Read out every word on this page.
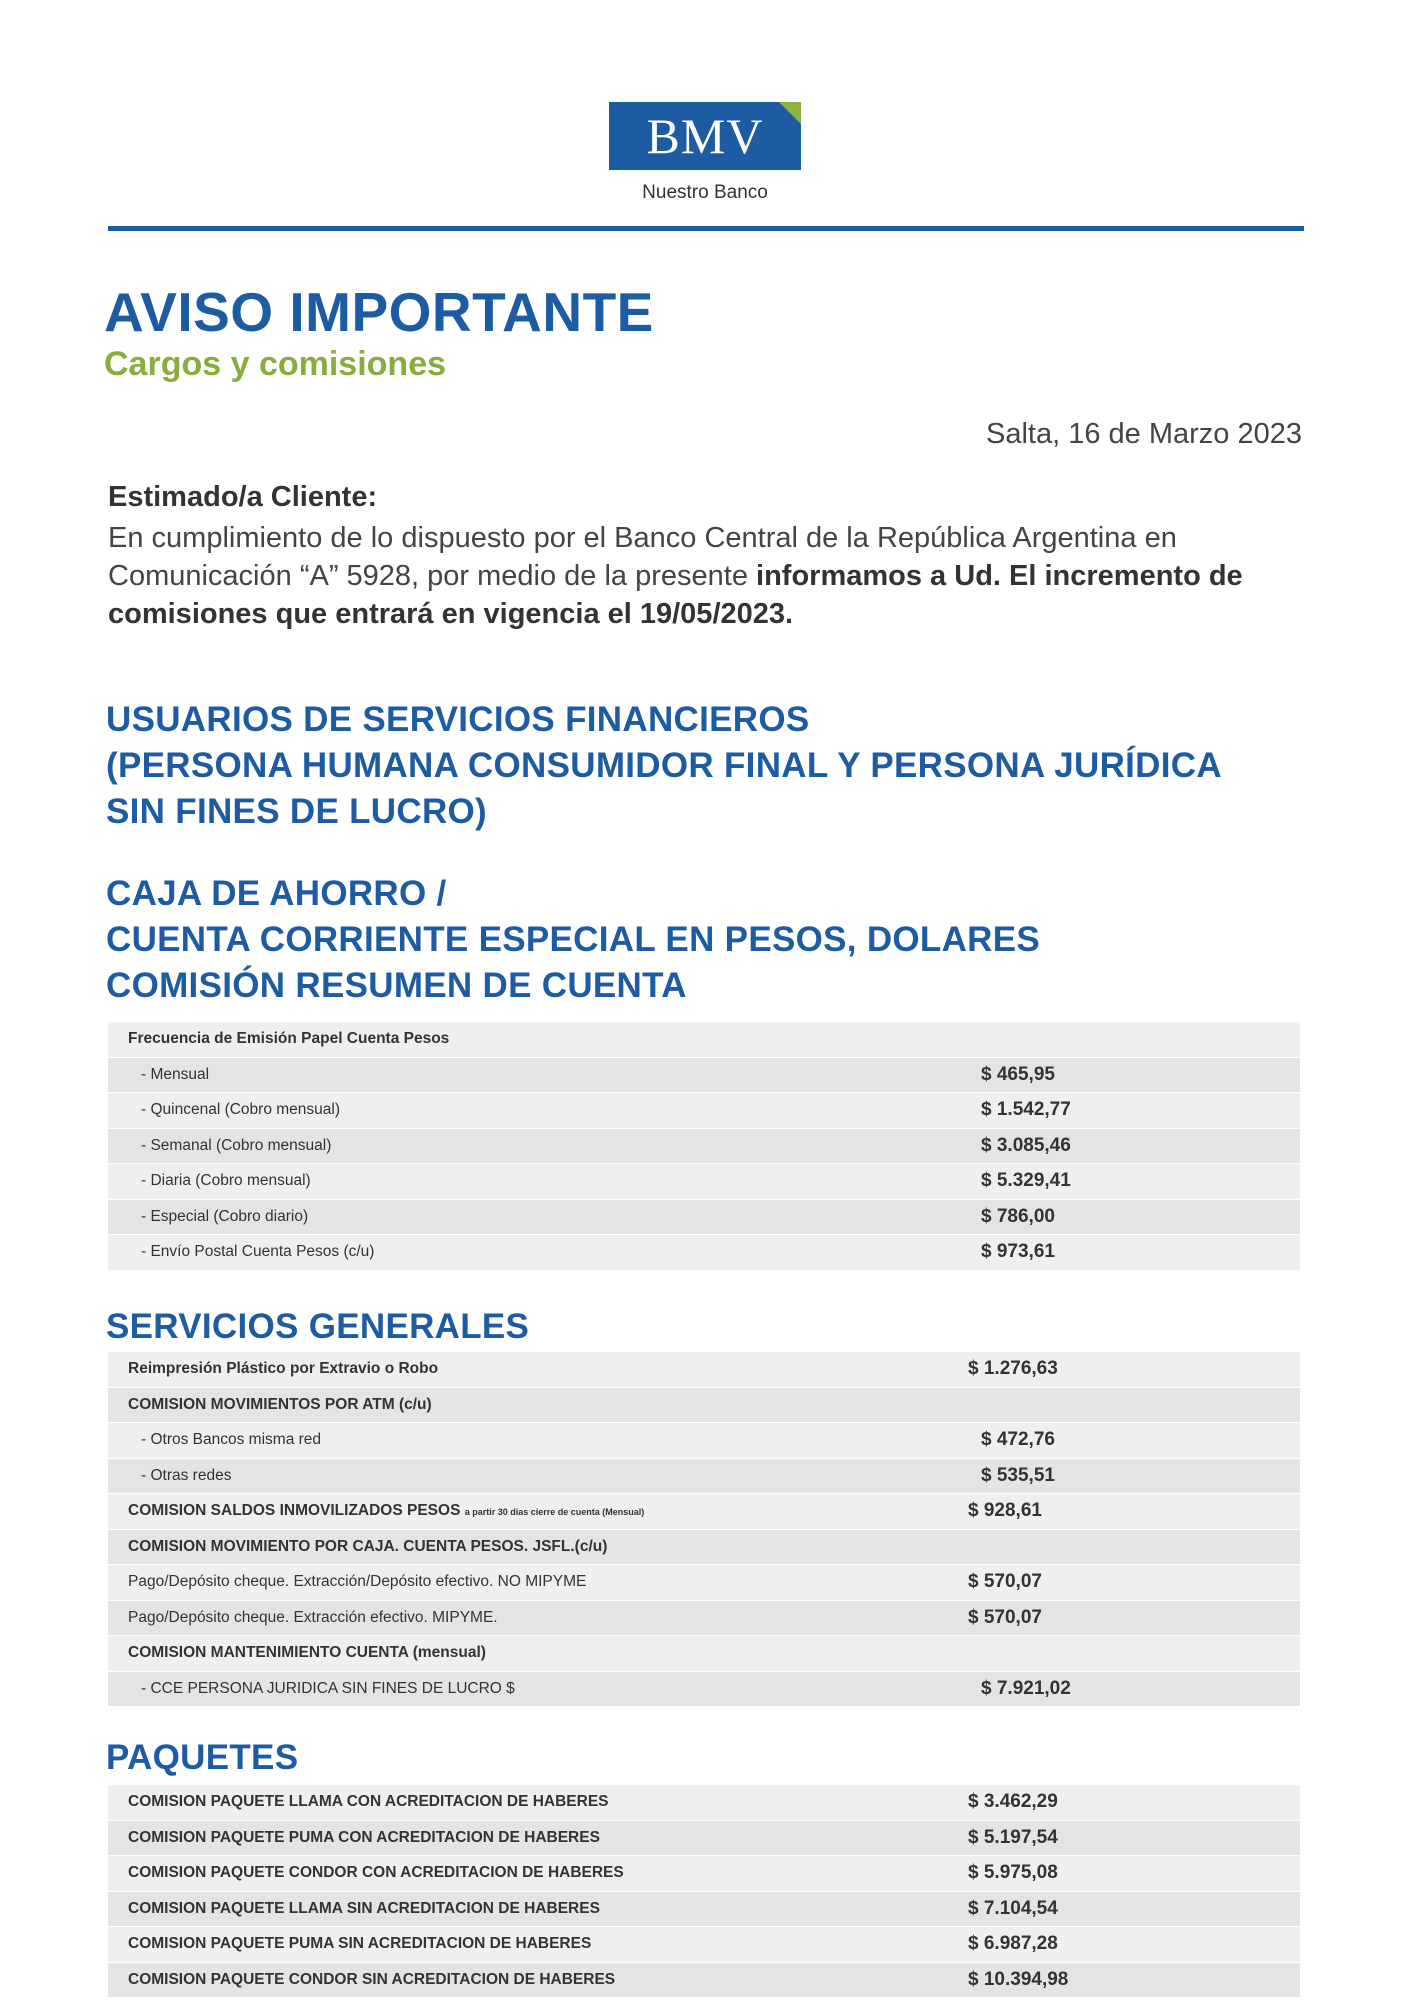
BMV
Nuestro Banco
AVISO IMPORTANTE
Cargos y comisiones
Salta, 16 de Marzo 2023
Estimado/a Cliente:
En cumplimiento de lo dispuesto por el Banco Central de la República Argentina en Comunicación “A” 5928, por medio de la presente informamos a Ud. El incremento de comisiones que entrará en vigencia el 19/05/2023.
USUARIOS DE SERVICIOS FINANCIEROS
(PERSONA HUMANA CONSUMIDOR FINAL Y PERSONA JURÍDICA
SIN FINES DE LUCRO)
CAJA DE AHORRO /
CUENTA CORRIENTE ESPECIAL EN PESOS, DOLARES
COMISIÓN RESUMEN DE CUENTA
Frecuencia de Emisión Papel Cuenta Pesos
- Mensual	$ 465,95
- Quincenal (Cobro mensual)	$ 1.542,77
- Semanal (Cobro mensual)	$ 3.085,46
- Diaria (Cobro mensual)	$ 5.329,41
- Especial (Cobro diario)	$ 786,00
- Envío Postal Cuenta Pesos (c/u)	$ 973,61
SERVICIOS GENERALES
Reimpresión Plástico por Extravio o Robo	$ 1.276,63
COMISION MOVIMIENTOS POR ATM (c/u)
- Otros Bancos misma red	$ 472,76
- Otras redes	$ 535,51
COMISION SALDOS INMOVILIZADOS PESOS a partir 30 dias cierre de cuenta (Mensual)	$ 928,61
COMISION MOVIMIENTO POR CAJA. CUENTA PESOS. JSFL.(c/u)
Pago/Depósito cheque. Extracción/Depósito efectivo. NO MIPYME	$ 570,07
Pago/Depósito cheque. Extracción efectivo. MIPYME.	$ 570,07
COMISION MANTENIMIENTO CUENTA (mensual)
- CCE PERSONA JURIDICA SIN FINES DE LUCRO $	$ 7.921,02
PAQUETES
COMISION PAQUETE LLAMA CON ACREDITACION DE HABERES	$ 3.462,29
COMISION PAQUETE PUMA CON ACREDITACION DE HABERES	$ 5.197,54
COMISION PAQUETE CONDOR CON ACREDITACION DE HABERES	$ 5.975,08
COMISION PAQUETE LLAMA SIN ACREDITACION DE HABERES	$ 7.104,54
COMISION PAQUETE PUMA SIN ACREDITACION DE HABERES	$ 6.987,28
COMISION PAQUETE CONDOR SIN ACREDITACION DE HABERES	$ 10.394,98
